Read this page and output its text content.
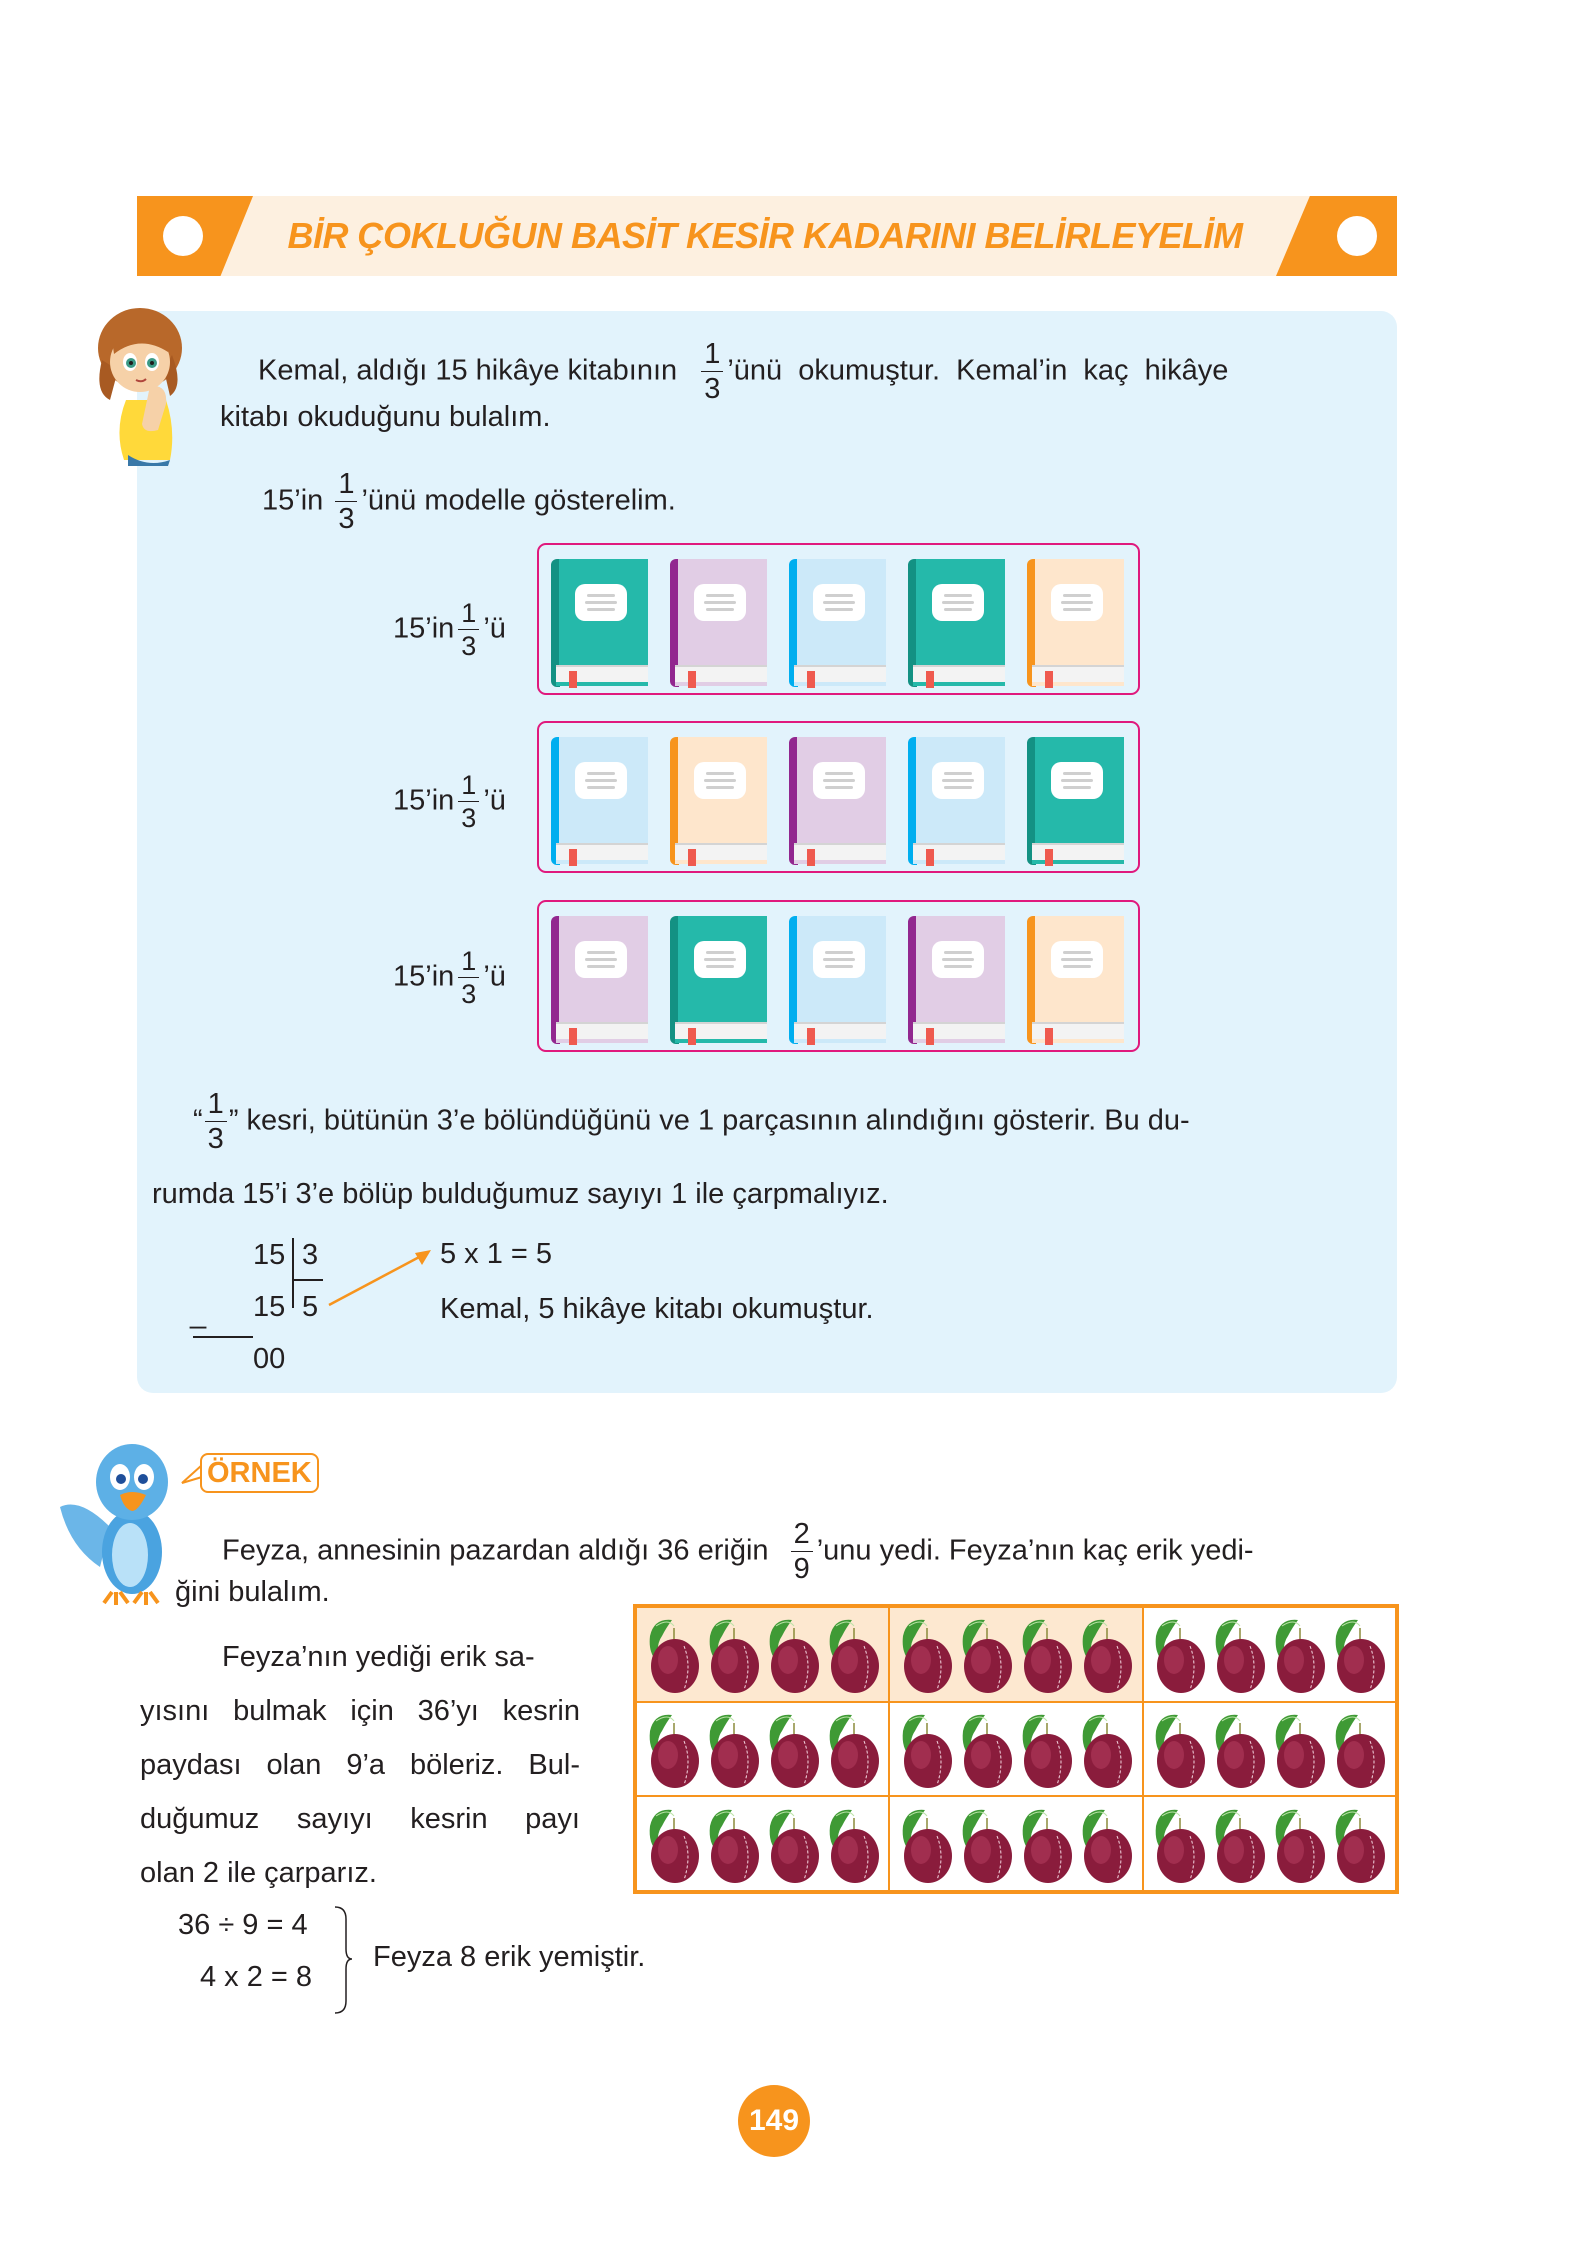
BİR ÇOKLUĞUN BASİT KESİR KADARINI BELİRLEYELİM
Kemal, aldığı 15 hikâye kitabının $\frac{1}{3}$ ’ünü okumuştur. Kemal’in kaç hikâye
kitabı okuduğunu bulalım.
15’in $\frac{1}{3}$ ’ünü modelle gösterelim.
15’in $\frac{1}{3}$ ’ü
15’in $\frac{1}{3}$ ’ü
15’in $\frac{1}{3}$ ’ü
“ $\frac{1}{3}$ ” kesri, bütünün 3’e bölündüğünü ve 1 parçasının alındığını gösterir. Bu du-
rumda 15’i 3’e bölüp bulduğumuz sayıyı 1 ile çarpmalıyız.
15 3
15 5
_
00
5 x 1 = 5
Kemal, 5 hikâye kitabı okumuştur.
ÖRNEK
Feyza, annesinin pazardan aldığı 36 eriğin $\frac{2}{9}$ ’unu yedi. Feyza’nın kaç erik yedi-
ğini bulalım.
Feyza’nın yediği erik sa-
yısını bulmak için 36’yı kesrin
paydası olan 9’a böleriz. Bul-
duğumuz sayıyı kesrin payı
olan 2 ile çarparız.
36 ÷ 9 = 4
4 x 2 = 8
Feyza 8 erik yemiştir.
149
